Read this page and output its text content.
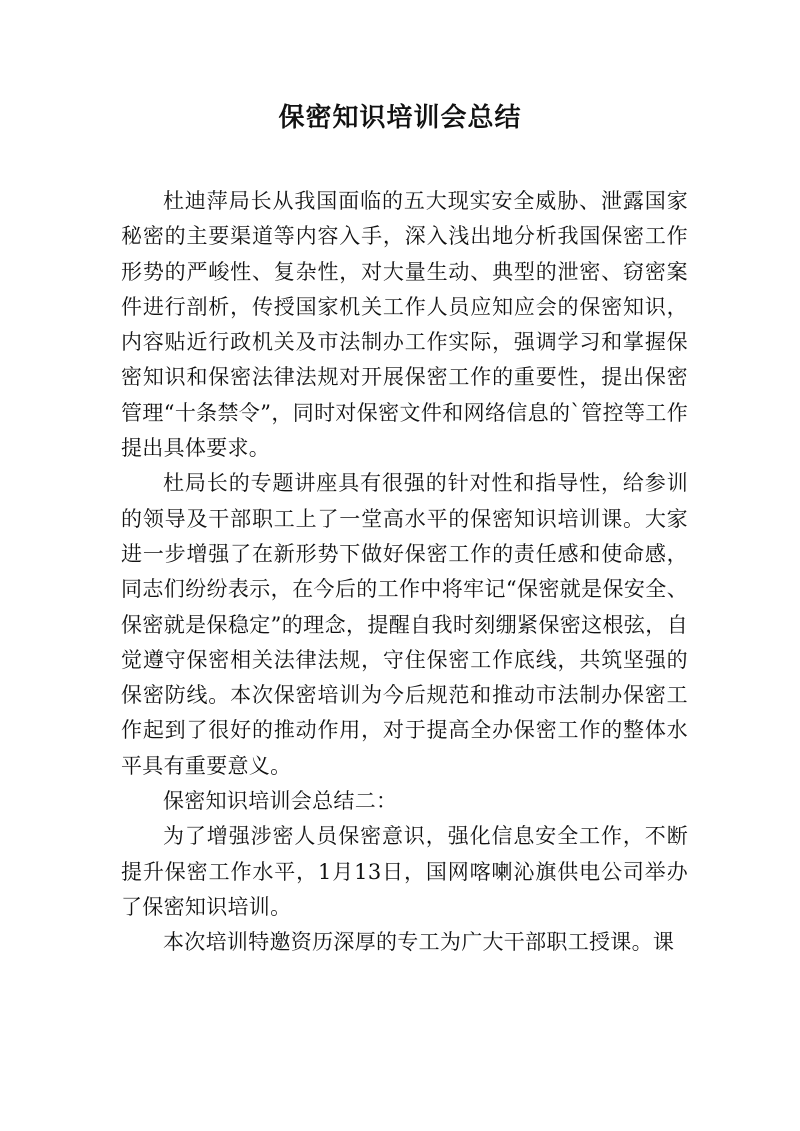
保密知识培训会总结

杜迪萍局长从我国面临的五大现实安全威胁、泄露国家秘密的主要渠道等内容入手，深入浅出地分析我国保密工作形势的严峻性、复杂性，对大量生动、典型的泄密、窃密案件进行剖析，传授国家机关工作人员应知应会的保密知识，内容贴近行政机关及市法制办工作实际，强调学习和掌握保密知识和保密法律法规对开展保密工作的重要性，提出保密管理“十条禁令”，同时对保密文件和网络信息的`管控等工作提出具体要求。

杜局长的专题讲座具有很强的针对性和指导性，给参训的领导及干部职工上了一堂高水平的保密知识培训课。大家进一步增强了在新形势下做好保密工作的责任感和使命感，同志们纷纷表示，在今后的工作中将牢记“保密就是保安全、保密就是保稳定”的理念，提醒自我时刻绷紧保密这根弦，自觉遵守保密相关法律法规，守住保密工作底线，共筑坚强的保密防线。本次保密培训为今后规范和推动市法制办保密工作起到了很好的推动作用，对于提高全办保密工作的整体水平具有重要意义。

保密知识培训会总结二：

为了增强涉密人员保密意识，强化信息安全工作，不断提升保密工作水平，1月13日，国网喀喇沁旗供电公司举办了保密知识培训。

本次培训特邀资历深厚的专工为广大干部职工授课。课
